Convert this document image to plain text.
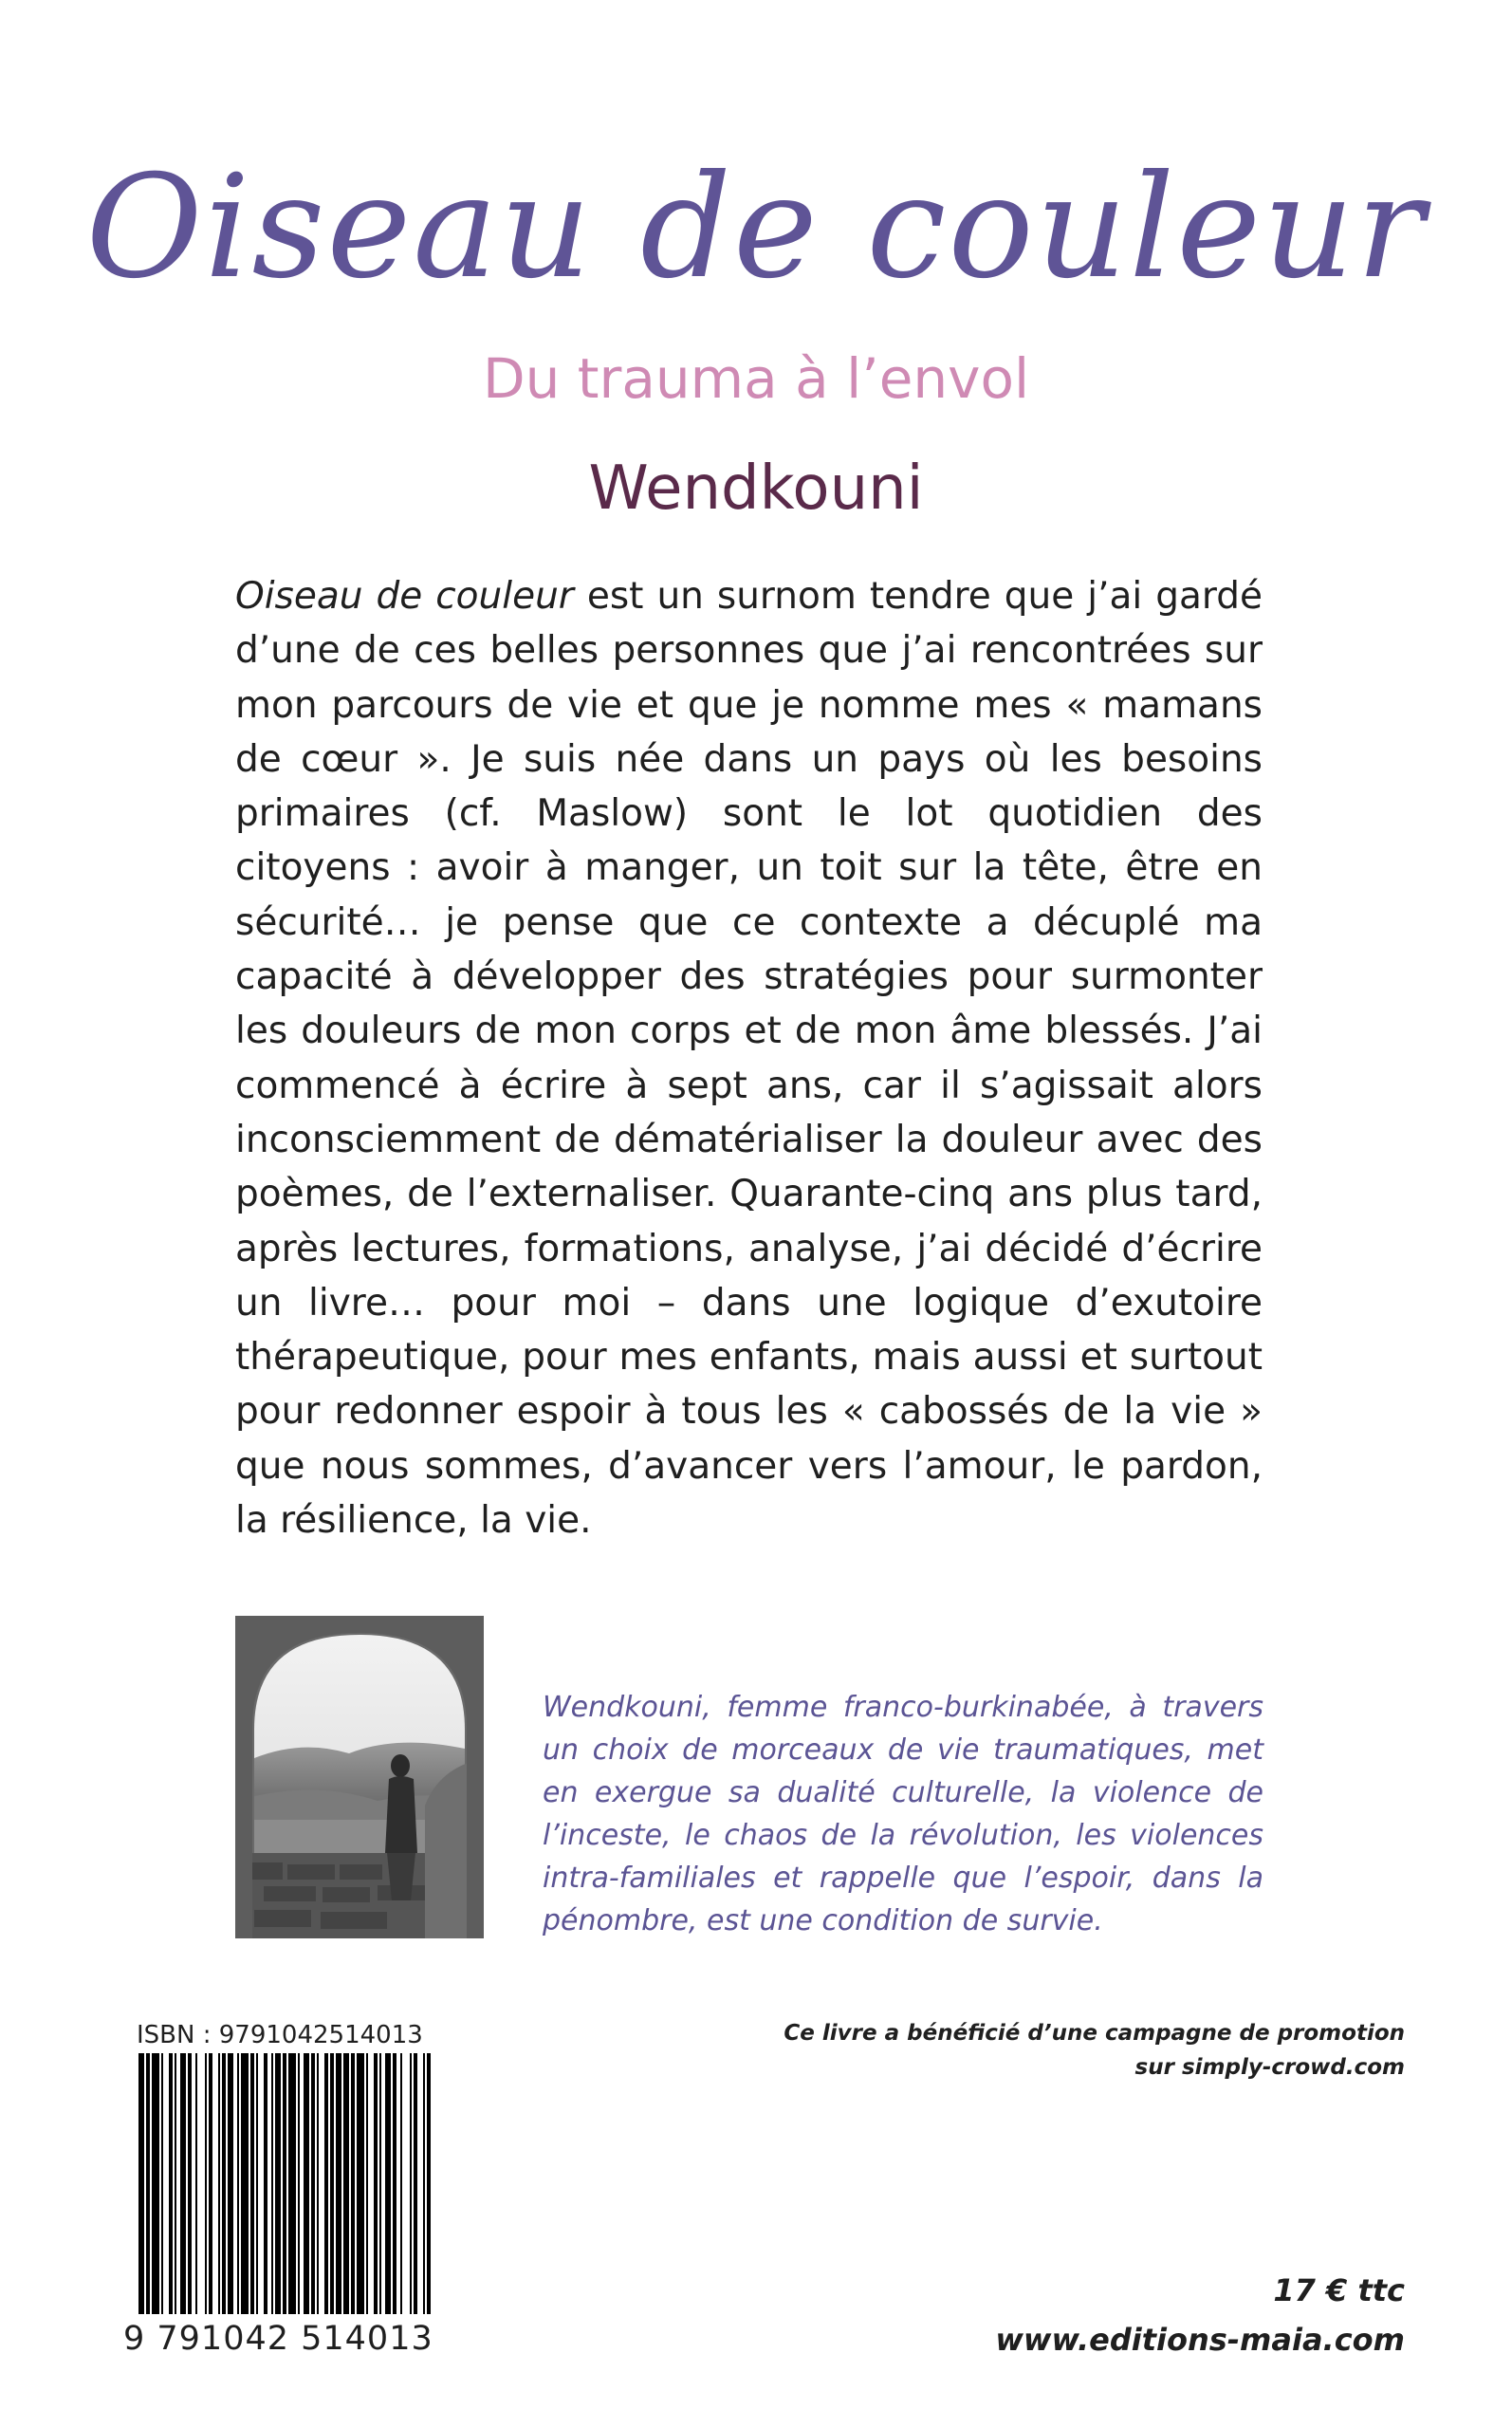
Oiseau de couleur
Du trauma à l’envol
Wendkouni

Oiseau de couleur est un surnom tendre que j’ai gardé d’une de ces belles personnes que j’ai rencontrées sur mon parcours de vie et que je nomme mes « mamans de cœur ». Je suis née dans un pays où les besoins primaires (cf. Maslow) sont le lot quotidien des citoyens : avoir à manger, un toit sur la tête, être en sécurité… je pense que ce contexte a décuplé ma capacité à développer des stratégies pour surmonter les douleurs de mon corps et de mon âme blessés. J’ai commencé à écrire à sept ans, car il s’agissait alors inconsciemment de dématérialiser la douleur avec des poèmes, de l’externaliser. Quarante-cinq ans plus tard, après lectures, formations, analyse, j’ai décidé d’écrire un livre… pour moi – dans une logique d’exutoire thérapeutique, pour mes enfants, mais aussi et surtout pour redonner espoir à tous les « cabossés de la vie » que nous sommes, d’avancer vers l’amour, le pardon, la résilience, la vie.

Wendkouni, femme franco-burkinabée, à travers un choix de morceaux de vie traumatiques, met en exergue sa dualité culturelle, la violence de l’inceste, le chaos de la révolution, les violences intra-familiales et rappelle que l’espoir, dans la pénombre, est une condition de survie.

ISBN : 9791042514013
9 791042 514013
Ce livre a bénéficié d’une campagne de promotion
sur simply-crowd.com
17 € ttc
www.editions-maia.com
